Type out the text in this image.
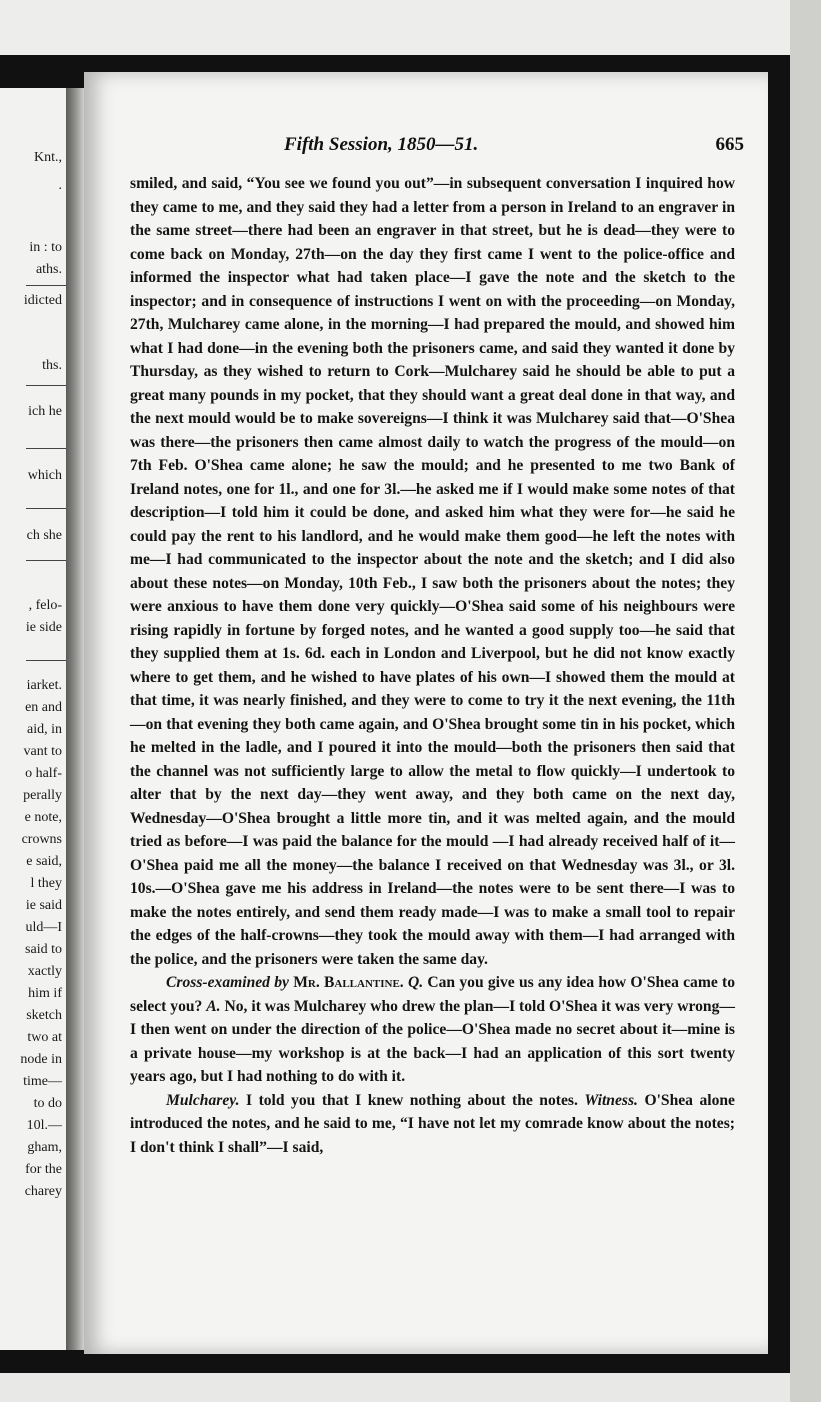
Knt.,
.
in : to
aths.
idicted
ths.
ich he
which
ch she
, felo-
ie side
iarket.
en and
aid, in
vant to
o half-
perally
e note,
crowns
e said,
l they
ie said
uld—I
said to
xactly
him if
sketch
two at
node in
time—
to do
10l.—
gham,
for the
charey
Fifth Session, 1850—51.	665

smiled, and said, “You see we found you out”—in subsequent conversation I inquired how they came to me, and they said they had a letter from a person in Ireland to an engraver in the same street—there had been an engraver in that street, but he is dead—they were to come back on Monday, 27th—on the day they first came I went to the police-office and informed the inspector what had taken place—I gave the note and the sketch to the inspector; and in consequence of instructions I went on with the proceeding—on Monday, 27th, Mulcharey came alone, in the morning—I had prepared the mould, and showed him what I had done—in the evening both the prisoners came, and said they wanted it done by Thursday, as they wished to return to Cork—Mulcharey said he should be able to put a great many pounds in my pocket, that they should want a great deal done in that way, and the next mould would be to make sovereigns—I think it was Mulcharey said that—O'Shea was there—the prisoners then came almost daily to watch the progress of the mould—on 7th Feb. O'Shea came alone; he saw the mould; and he presented to me two Bank of Ireland notes, one for 1l., and one for 3l.—he asked me if I would make some notes of that description—I told him it could be done, and asked him what they were for—he said he could pay the rent to his landlord, and he would make them good—he left the notes with me—I had communicated to the inspector about the note and the sketch; and I did also about these notes—on Monday, 10th Feb., I saw both the prisoners about the notes; they were anxious to have them done very quickly—O'Shea said some of his neighbours were rising rapidly in fortune by forged notes, and he wanted a good supply too—he said that they supplied them at 1s. 6d. each in London and Liverpool, but he did not know exactly where to get them, and he wished to have plates of his own—I showed them the mould at that time, it was nearly finished, and they were to come to try it the next evening, the 11th—on that evening they both came again, and O'Shea brought some tin in his pocket, which he melted in the ladle, and I poured it into the mould—both the prisoners then said that the channel was not sufficiently large to allow the metal to flow quickly—I undertook to alter that by the next day—they went away, and they both came on the next day, Wednesday—O'Shea brought a little more tin, and it was melted again, and the mould tried as before—I was paid the balance for the mould —I had already received half of it—O'Shea paid me all the money—the balance I received on that Wednesday was 3l., or 3l. 10s.—O'Shea gave me his address in Ireland—the notes were to be sent there—I was to make the notes entirely, and send them ready made—I was to make a small tool to repair the edges of the half-crowns—they took the mould away with them—I had arranged with the police, and the prisoners were taken the same day.

Cross-examined by Mr. Ballantine. Q. Can you give us any idea how O'Shea came to select you? A. No, it was Mulcharey who drew the plan—I told O'Shea it was very wrong—I then went on under the direction of the police—O'Shea made no secret about it—mine is a private house—my workshop is at the back—I had an application of this sort twenty years ago, but I had nothing to do with it.

Mulcharey. I told you that I knew nothing about the notes. Witness. O'Shea alone introduced the notes, and he said to me, “I have not let my comrade know about the notes; I don't think I shall”—I said,
